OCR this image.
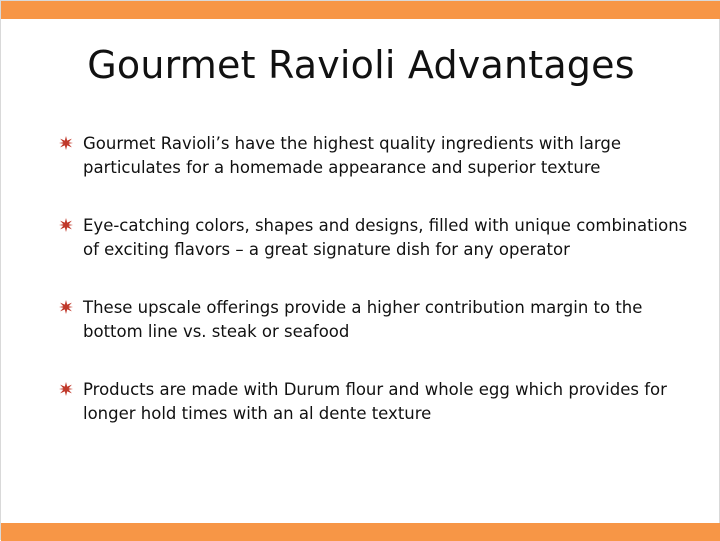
Gourmet Ravioli Advantages
Gourmet Ravioli’s have the highest quality ingredients with large particulates for a homemade appearance and superior texture
Eye-catching colors, shapes and designs, filled with unique combinations of exciting flavors – a great signature dish for any operator
These upscale offerings provide a higher contribution margin to the bottom line vs. steak or seafood
Products are made with Durum flour and whole egg which provides for longer hold times with an al dente texture
